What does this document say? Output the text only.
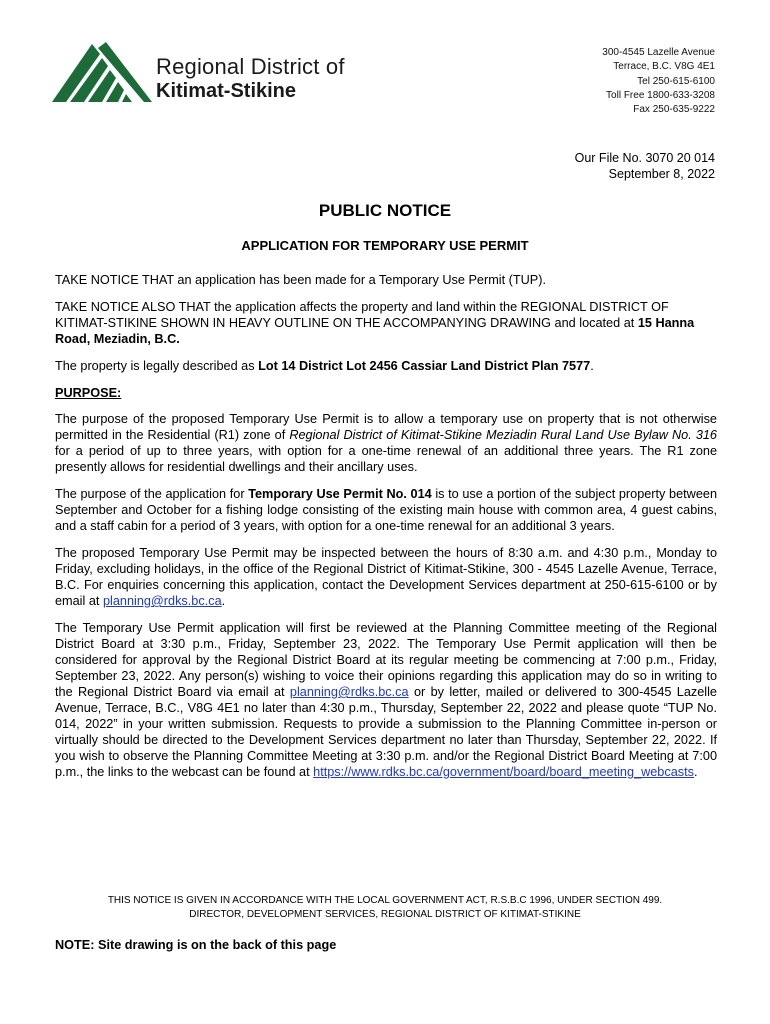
Regional District of
Kitimat-Stikine
300-4545 Lazelle Avenue
Terrace, B.C. V8G 4E1
Tel 250-615-6100
Toll Free 1800-633-3208
Fax 250-635-9222
Our File No. 3070 20 014
September 8, 2022
PUBLIC NOTICE
APPLICATION FOR TEMPORARY USE PERMIT

TAKE NOTICE THAT an application has been made for a Temporary Use Permit (TUP).

TAKE NOTICE ALSO THAT the application affects the property and land within the REGIONAL DISTRICT OF KITIMAT-STIKINE SHOWN IN HEAVY OUTLINE ON THE ACCOMPANYING DRAWING and located at 15 Hanna Road, Meziadin, B.C.

The property is legally described as Lot 14 District Lot 2456 Cassiar Land District Plan 7577.

PURPOSE:

The purpose of the proposed Temporary Use Permit is to allow a temporary use on property that is not otherwise permitted in the Residential (R1) zone of Regional District of Kitimat-Stikine Meziadin Rural Land Use Bylaw No. 316 for a period of up to three years, with option for a one-time renewal of an additional three years. The R1 zone presently allows for residential dwellings and their ancillary uses.

The purpose of the application for Temporary Use Permit No. 014 is to use a portion of the subject property between September and October for a fishing lodge consisting of the existing main house with common area, 4 guest cabins, and a staff cabin for a period of 3 years, with option for a one-time renewal for an additional 3 years.

The proposed Temporary Use Permit may be inspected between the hours of 8:30 a.m. and 4:30 p.m., Monday to Friday, excluding holidays, in the office of the Regional District of Kitimat-Stikine, 300 - 4545 Lazelle Avenue, Terrace, B.C. For enquiries concerning this application, contact the Development Services department at 250-615-6100 or by email at planning@rdks.bc.ca.

The Temporary Use Permit application will first be reviewed at the Planning Committee meeting of the Regional District Board at 3:30 p.m., Friday, September 23, 2022. The Temporary Use Permit application will then be considered for approval by the Regional District Board at its regular meeting be commencing at 7:00 p.m., Friday, September 23, 2022. Any person(s) wishing to voice their opinions regarding this application may do so in writing to the Regional District Board via email at planning@rdks.bc.ca or by letter, mailed or delivered to 300-4545 Lazelle Avenue, Terrace, B.C., V8G 4E1 no later than 4:30 p.m., Thursday, September 22, 2022 and please quote “TUP No. 014, 2022” in your written submission. Requests to provide a submission to the Planning Committee in-person or virtually should be directed to the Development Services department no later than Thursday, September 22, 2022. If you wish to observe the Planning Committee Meeting at 3:30 p.m. and/or the Regional District Board Meeting at 7:00 p.m., the links to the webcast can be found at https://www.rdks.bc.ca/government/board/board_meeting_webcasts.

THIS NOTICE IS GIVEN IN ACCORDANCE WITH THE LOCAL GOVERNMENT ACT, R.S.B.C 1996, UNDER SECTION 499.
DIRECTOR, DEVELOPMENT SERVICES, REGIONAL DISTRICT OF KITIMAT-STIKINE
NOTE: Site drawing is on the back of this page
